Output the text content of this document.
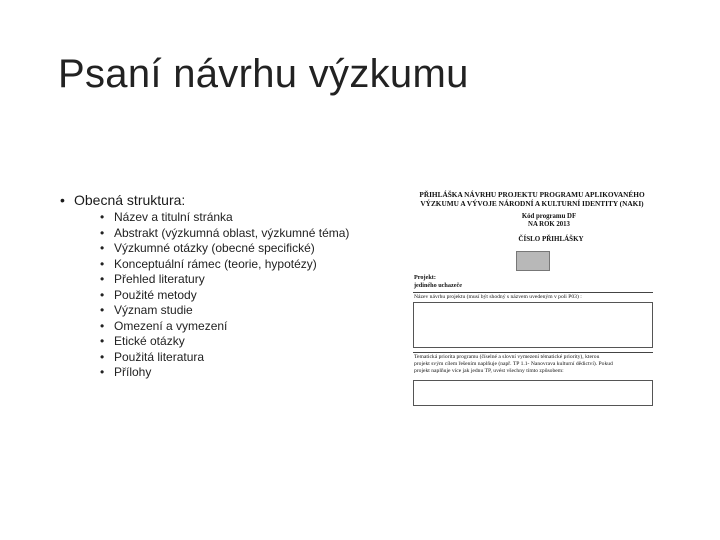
Psaní návrhu výzkumu
• Obecná struktura:
• Název a titulní stránka
• Abstrakt (výzkumná oblast, výzkumné téma)
• Výzkumné otázky (obecné specifické)
• Konceptuální rámec (teorie, hypotézy)
• Přehled literatury
• Použité metody
• Význam studie
• Omezení a vymezení
• Etické otázky
• Použitá literatura
• Přílohy
PŘIHLÁŠKA NÁVRHU PROJEKTU PROGRAMU APLIKOVANÉHO
VÝZKUMU A VÝVOJE NÁRODNÍ A KULTURNÍ IDENTITY (NAKI)
Kód programu DF
NA ROK 2013
ČÍSLO PŘIHLÁŠKY
Projekt:
jediného uchazeče
Název návrhu projektu (musí být shodný s názvem uvedeným v poli P03) :
Tematická priorita programu (číselné a slovní vymezení tématické priority), kterou
projekt svým cílem řešením naplňuje (např. TP 1.1- Nanovrava kulturní dědictví). Pokud
projekt naplňuje více jak jednu TP, uvést všechny tímto způsobem:
